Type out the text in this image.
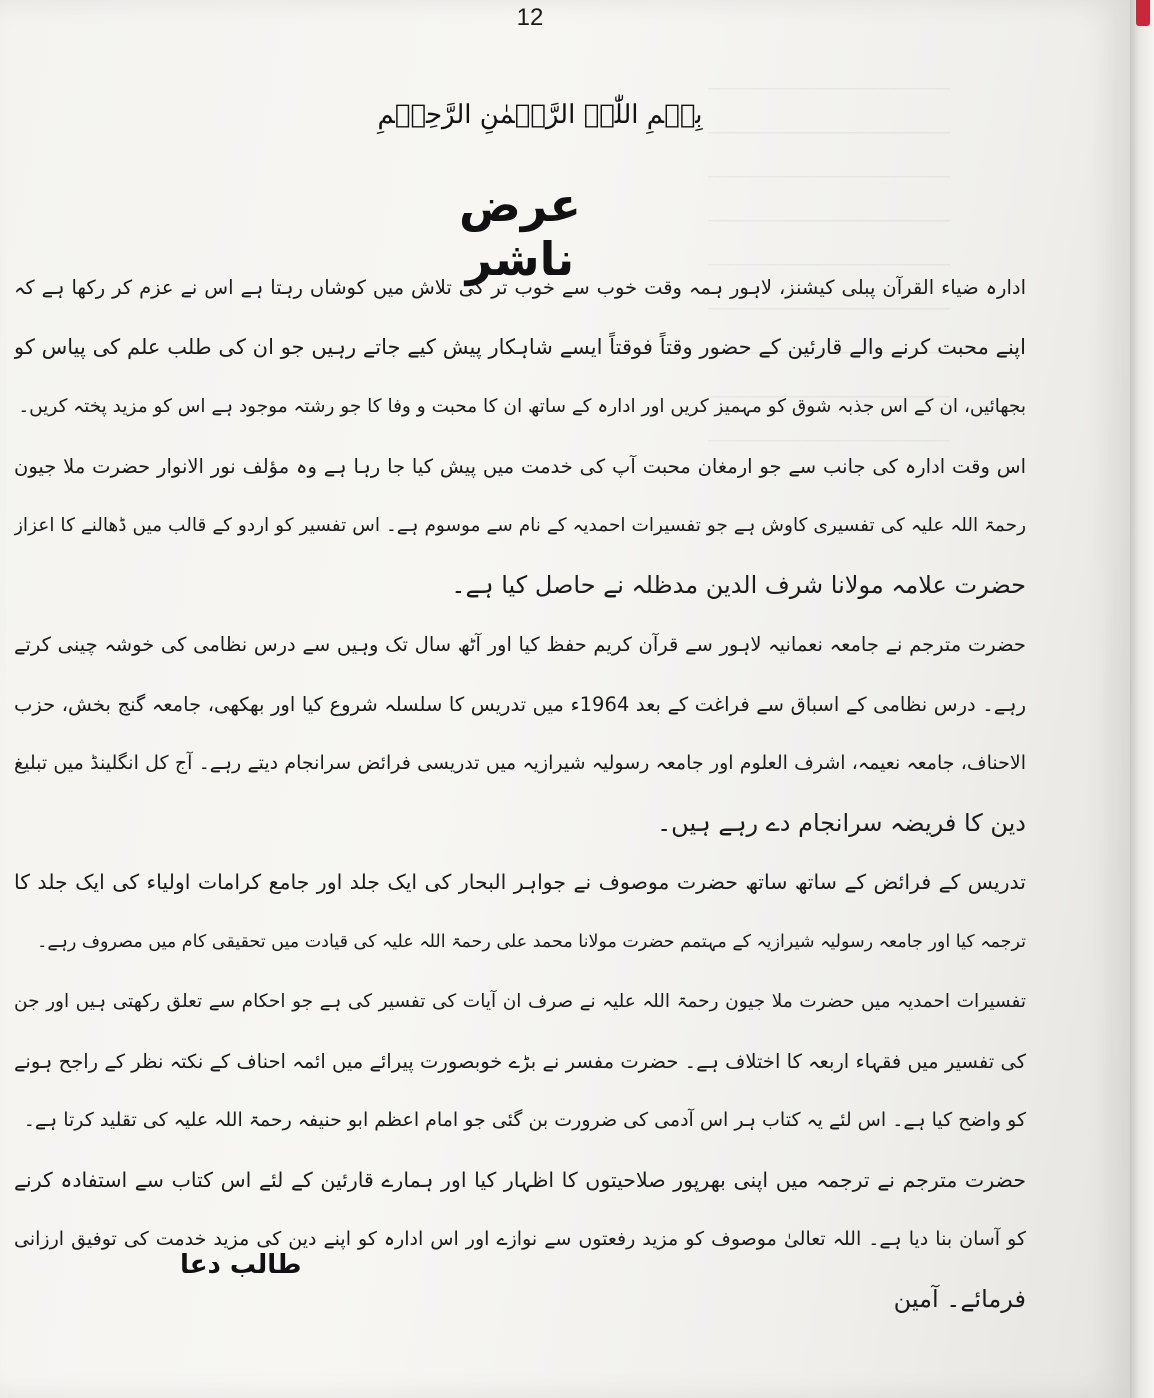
12
بِسۡمِ اللّٰہِ الرَّحۡمٰنِ الرَّحِیۡمِ
عرض ناشر
ادارہ ضیاء القرآن پبلی کیشنز، لاہور ہمہ وقت خوب سے خوب تر کی تلاش میں کوشاں رہتا ہے اس نے عزم کر رکھا ہے کہ
اپنے محبت کرنے والے قارئین کے حضور وقتاً فوقتاً ایسے شاہکار پیش کیے جاتے رہیں جو ان کی طلب علم کی پیاس کو
بجھائیں، ان کے اس جذبہ شوق کو مہمیز کریں اور ادارہ کے ساتھ ان کا محبت و وفا کا جو رشتہ موجود ہے اس کو مزید پختہ کریں۔
اس وقت ادارہ کی جانب سے جو ارمغان محبت آپ کی خدمت میں پیش کیا جا رہا ہے وہ مؤلف نور الانوار حضرت ملا جیون
رحمۃ اللہ علیہ کی تفسیری کاوش ہے جو تفسیرات احمدیہ کے نام سے موسوم ہے۔ اس تفسیر کو اردو کے قالب میں ڈھالنے کا اعزاز
حضرت علامہ مولانا شرف الدین مدظلہ نے حاصل کیا ہے۔
حضرت مترجم نے جامعہ نعمانیہ لاہور سے قرآن کریم حفظ کیا اور آٹھ سال تک وہیں سے درس نظامی کی خوشہ چینی کرتے
رہے۔ درس نظامی کے اسباق سے فراغت کے بعد 1964ء میں تدریس کا سلسلہ شروع کیا اور بھکھی، جامعہ گنج بخش، حزب
الاحناف، جامعہ نعیمہ، اشرف العلوم اور جامعہ رسولیہ شیرازیہ میں تدریسی فرائض سرانجام دیتے رہے۔ آج کل انگلینڈ میں تبلیغ
دین کا فریضہ سرانجام دے رہے ہیں۔
تدریس کے فرائض کے ساتھ ساتھ حضرت موصوف نے جواہر البحار کی ایک جلد اور جامع کرامات اولیاء کی ایک جلد کا
ترجمہ کیا اور جامعہ رسولیہ شیرازیہ کے مہتمم حضرت مولانا محمد علی رحمۃ اللہ علیہ کی قیادت میں تحقیقی کام میں مصروف رہے۔
تفسیرات احمدیہ میں حضرت ملا جیون رحمۃ اللہ علیہ نے صرف ان آیات کی تفسیر کی ہے جو احکام سے تعلق رکھتی ہیں اور جن
کی تفسیر میں فقہاء اربعہ کا اختلاف ہے۔ حضرت مفسر نے بڑے خوبصورت پیرائے میں ائمہ احناف کے نکتہ نظر کے راجح ہونے
کو واضح کیا ہے۔ اس لئے یہ کتاب ہر اس آدمی کی ضرورت بن گئی جو امام اعظم ابو حنیفہ رحمۃ اللہ علیہ کی تقلید کرتا ہے۔
حضرت مترجم نے ترجمہ میں اپنی بھرپور صلاحیتوں کا اظہار کیا اور ہمارے قارئین کے لئے اس کتاب سے استفادہ کرنے
کو آسان بنا دیا ہے۔ اللہ تعالیٰ موصوف کو مزید رفعتوں سے نوازے اور اس ادارہ کو اپنے دین کی مزید خدمت کی توفیق ارزانی
فرمائے۔ آمین
طالب دعا
